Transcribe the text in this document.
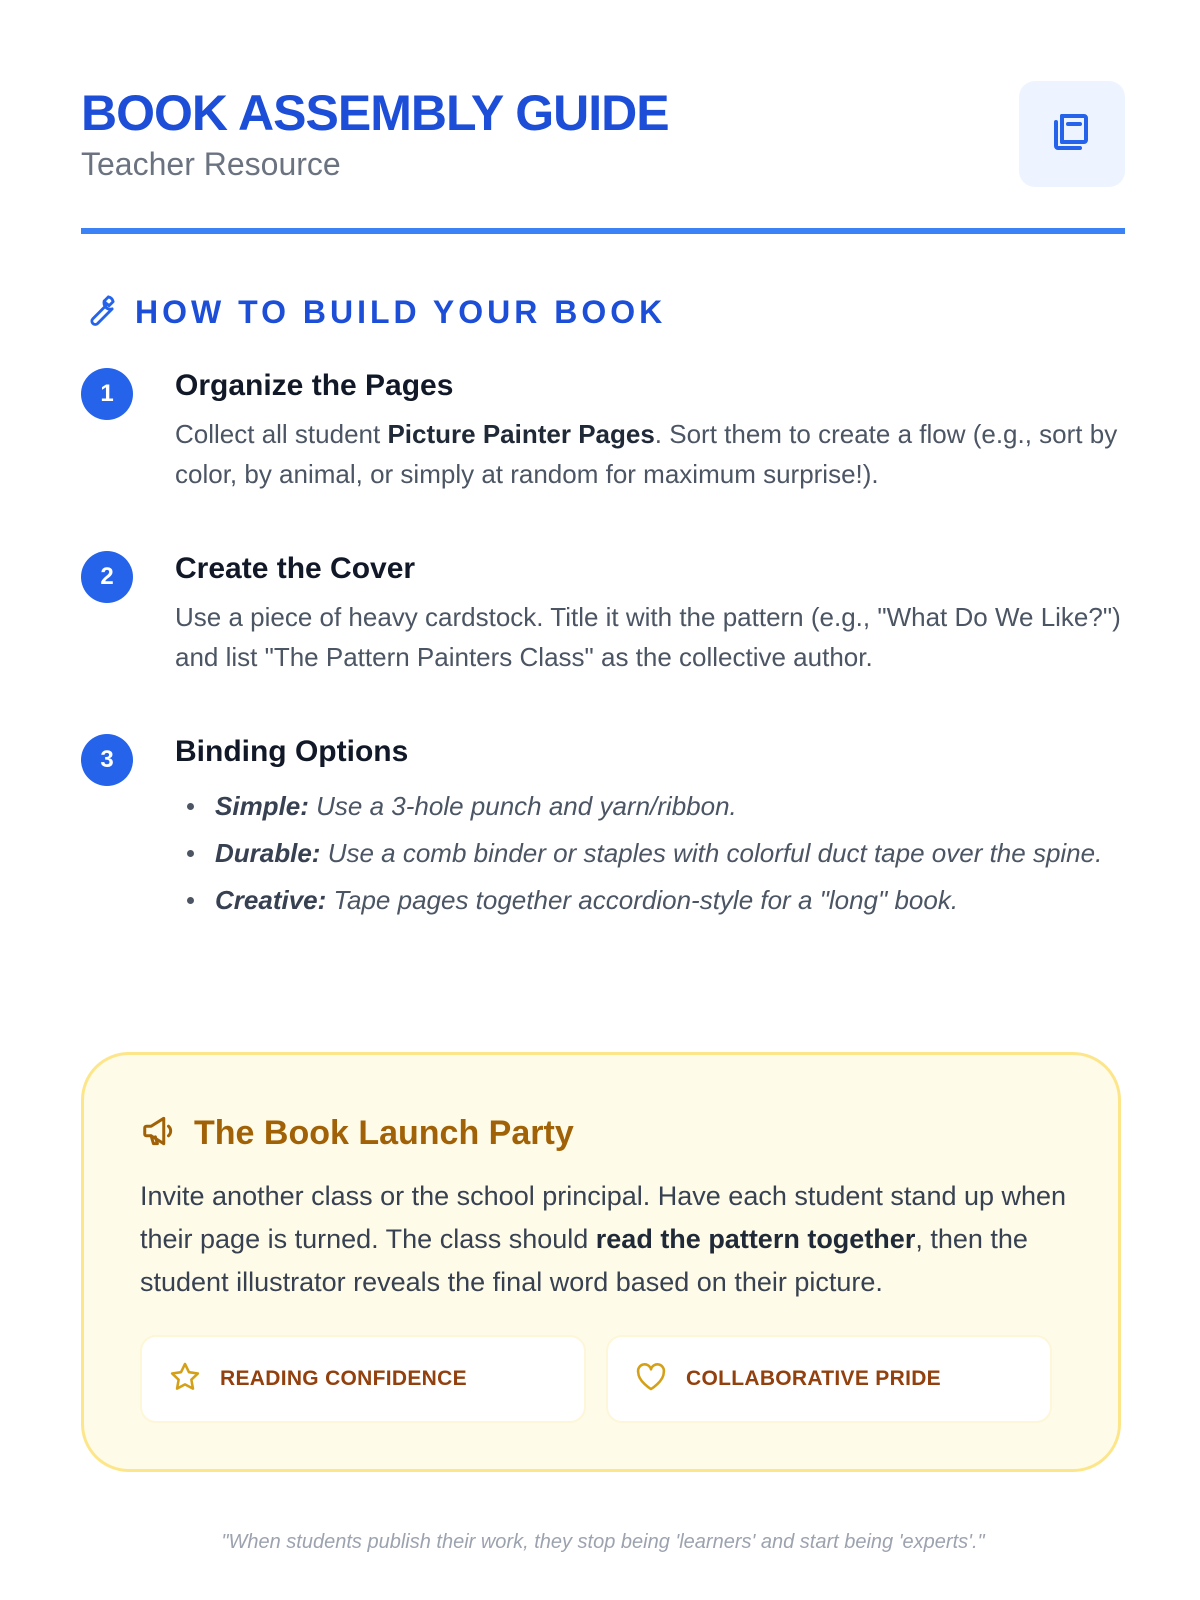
BOOK ASSEMBLY GUIDE
Teacher Resource
HOW TO BUILD YOUR BOOK
1	Organize the Pages

Collect all student Picture Painter Pages. Sort them to create a flow (e.g., sort by color, by animal, or simply at random for maximum surprise!).

2	Create the Cover

Use a piece of heavy cardstock. Title it with the pattern (e.g., "What Do We Like?") and list "The Pattern Painters Class" as the collective author.

3	Binding Options
Simple: Use a 3-hole punch and yarn/ribbon.
Durable: Use a comb binder or staples with colorful duct tape over the spine.
Creative: Tape pages together accordion-style for a "long" book.
The Book Launch Party

Invite another class or the school principal. Have each student stand up when their page is turned. The class should read the pattern together, then the student illustrator reveals the final word based on their picture.

READING CONFIDENCE	COLLABORATIVE PRIDE
"When students publish their work, they stop being 'learners' and start being 'experts'."
